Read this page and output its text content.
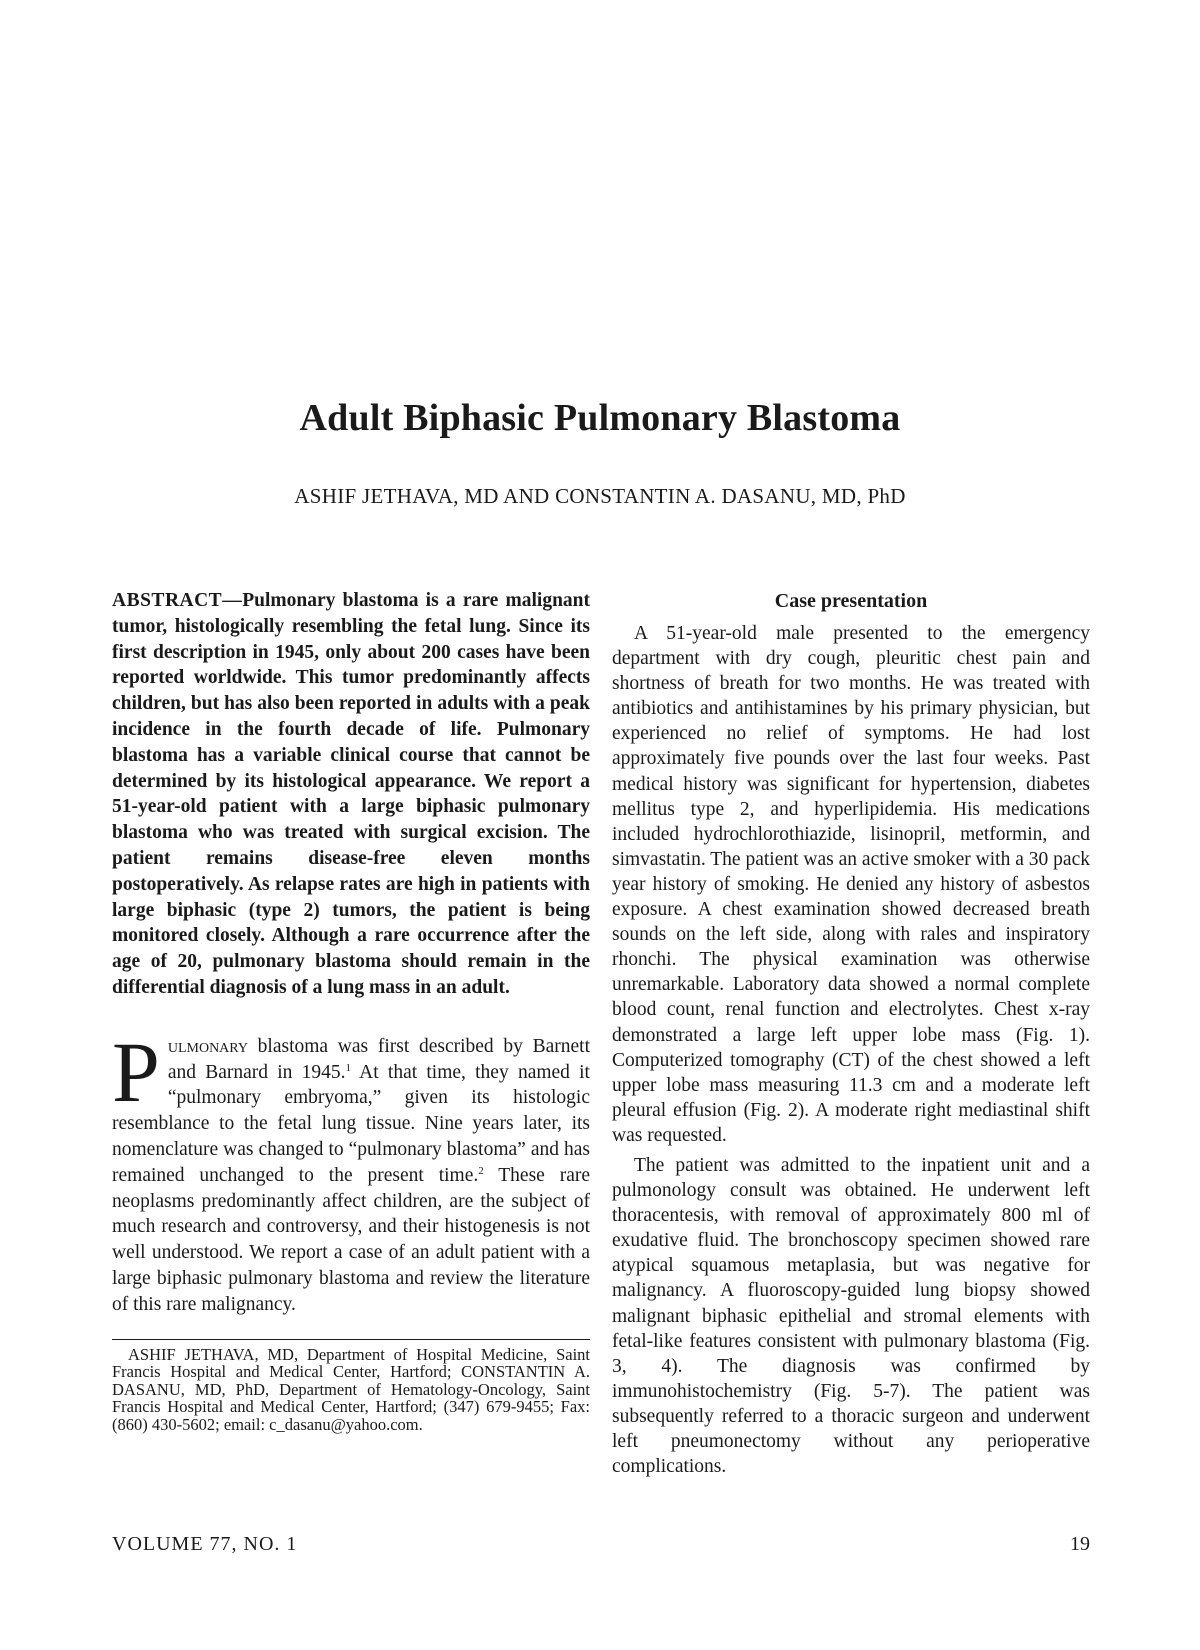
Adult Biphasic Pulmonary Blastoma
ASHIF JETHAVA, MD AND CONSTANTIN A. DASANU, MD, PhD

ABSTRACT—Pulmonary blastoma is a rare malignant tumor, histologically resembling the fetal lung. Since its first description in 1945, only about 200 cases have been reported worldwide. This tumor predominantly affects children, but has also been reported in adults with a peak incidence in the fourth decade of life. Pulmonary blastoma has a variable clinical course that cannot be determined by its histological appearance. We report a 51-year-old patient with a large biphasic pulmonary blastoma who was treated with surgical excision. The patient remains disease-free eleven months postoperatively. As relapse rates are high in patients with large biphasic (type 2) tumors, the patient is being monitored closely. Although a rare occurrence after the age of 20, pulmonary blastoma should remain in the differential diagnosis of a lung mass in an adult.

Pulmonary blastoma was first described by Barnett and Barnard in 1945.$^1$ At that time, they named it “pulmonary embryoma,” given its histologic resemblance to the fetal lung tissue. Nine years later, its nomenclature was changed to “pulmonary blastoma” and has remained unchanged to the present time.$^2$ These rare neoplasms predominantly affect children, are the subject of much research and controversy, and their histogenesis is not well understood. We report a case of an adult patient with a large biphasic pulmonary blastoma and review the literature of this rare malignancy.

ASHIF JETHAVA, MD, Department of Hospital Medicine, Saint Francis Hospital and Medical Center, Hartford; CONSTANTIN A. DASANU, MD, PhD, Department of Hematology-Oncology, Saint Francis Hospital and Medical Center, Hartford; (347) 679-9455; Fax: (860) 430-5602; email: c_dasanu@yahoo.com.

Case presentation

A 51-year-old male presented to the emergency department with dry cough, pleuritic chest pain and shortness of breath for two months. He was treated with antibiotics and antihistamines by his primary physician, but experienced no relief of symptoms. He had lost approximately five pounds over the last four weeks. Past medical history was significant for hypertension, diabetes mellitus type 2, and hyperlipidemia. His medications included hydrochlorothiazide, lisinopril, metformin, and simvastatin. The patient was an active smoker with a 30 pack year history of smoking. He denied any history of asbestos exposure. A chest examination showed decreased breath sounds on the left side, along with rales and inspiratory rhonchi. The physical examination was otherwise unremarkable. Laboratory data showed a normal complete blood count, renal function and electrolytes. Chest x-ray demonstrated a large left upper lobe mass (Fig. 1). Computerized tomography (CT) of the chest showed a left upper lobe mass measuring 11.3 cm and a moderate left pleural effusion (Fig. 2). A moderate right mediastinal shift was requested.

The patient was admitted to the inpatient unit and a pulmonology consult was obtained. He underwent left thoracentesis, with removal of approximately 800 ml of exudative fluid. The bronchoscopy specimen showed rare atypical squamous metaplasia, but was negative for malignancy. A fluoroscopy-guided lung biopsy showed malignant biphasic epithelial and stromal elements with fetal-like features consistent with pulmonary blastoma (Fig. 3, 4). The diagnosis was confirmed by immunohistochemistry (Fig. 5-7). The patient was subsequently referred to a thoracic surgeon and underwent left pneumonectomy without any perioperative complications.

VOLUME 77, NO. 1	19
